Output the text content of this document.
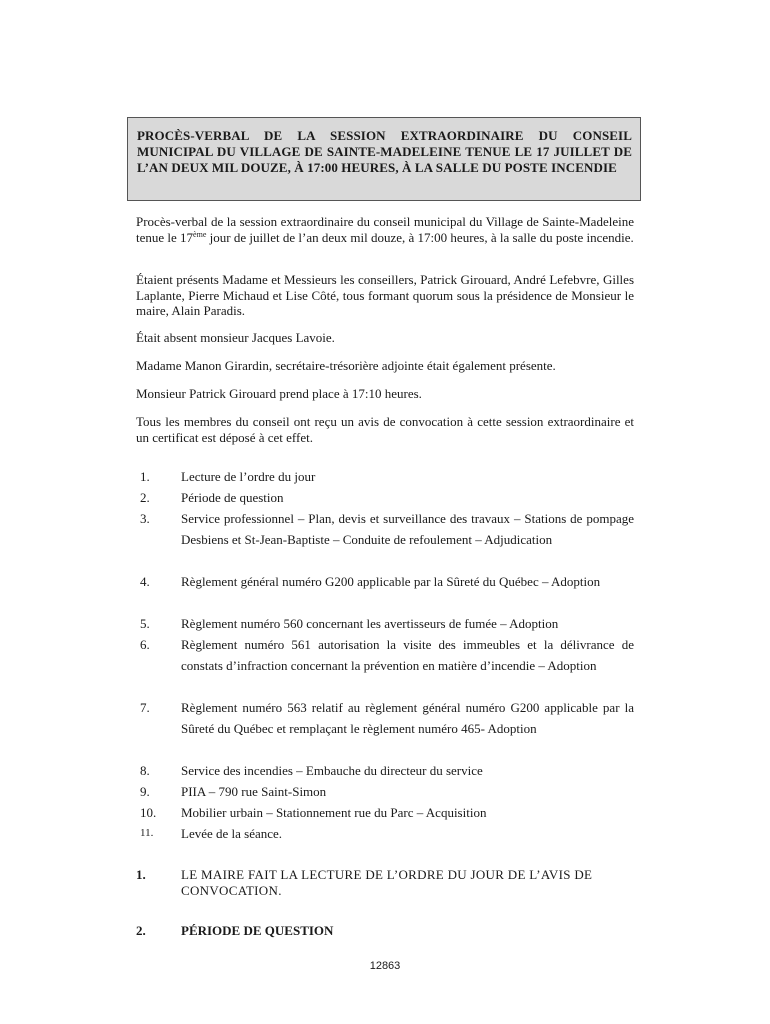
PROCÈS-VERBAL DE LA SESSION EXTRAORDINAIRE DU CONSEIL MUNICIPAL DU VILLAGE DE SAINTE-MADELEINE TENUE LE 17 JUILLET DE L’AN DEUX MIL DOUZE, À 17:00 HEURES, À LA SALLE DU POSTE INCENDIE
Procès-verbal de la session extraordinaire du conseil municipal du Village de Sainte-Madeleine tenue le 17ème jour de juillet de l’an deux mil douze, à 17:00 heures, à la salle du poste incendie.
Étaient présents Madame et Messieurs les conseillers, Patrick Girouard, André Lefebvre, Gilles Laplante, Pierre Michaud et Lise Côté, tous formant quorum sous la présidence de Monsieur le maire, Alain Paradis.
Était absent monsieur Jacques Lavoie.
Madame Manon Girardin, secrétaire-trésorière adjointe était également présente.
Monsieur Patrick Girouard prend place à 17:10 heures.
Tous les membres du conseil ont reçu un avis de convocation à cette session extraordinaire et un certificat est déposé à cet effet.
1.	Lecture de l’ordre du jour
2.	Période de question
3.	Service professionnel – Plan, devis et surveillance des travaux – Stations de pompage Desbiens et St-Jean-Baptiste – Conduite de refoulement – Adjudication
4.	Règlement général numéro G200 applicable par la Sûreté du Québec – Adoption
5.	Règlement numéro 560 concernant les avertisseurs de fumée – Adoption
6.	Règlement numéro 561 autorisation la visite des immeubles et la délivrance de constats d’infraction concernant la prévention en matière d’incendie – Adoption
7.	Règlement numéro 563 relatif au règlement général numéro G200 applicable par la Sûreté du Québec et remplaçant le règlement numéro 465- Adoption
8.	Service des incendies – Embauche du directeur du service
9.	PIIA – 790 rue Saint-Simon
10.	Mobilier urbain – Stationnement rue du Parc – Acquisition
11.	Levée de la séance.
1.	LE MAIRE FAIT LA LECTURE DE L’ORDRE DU JOUR DE L’AVIS DE CONVOCATION.
2.	PÉRIODE DE QUESTION
12863
